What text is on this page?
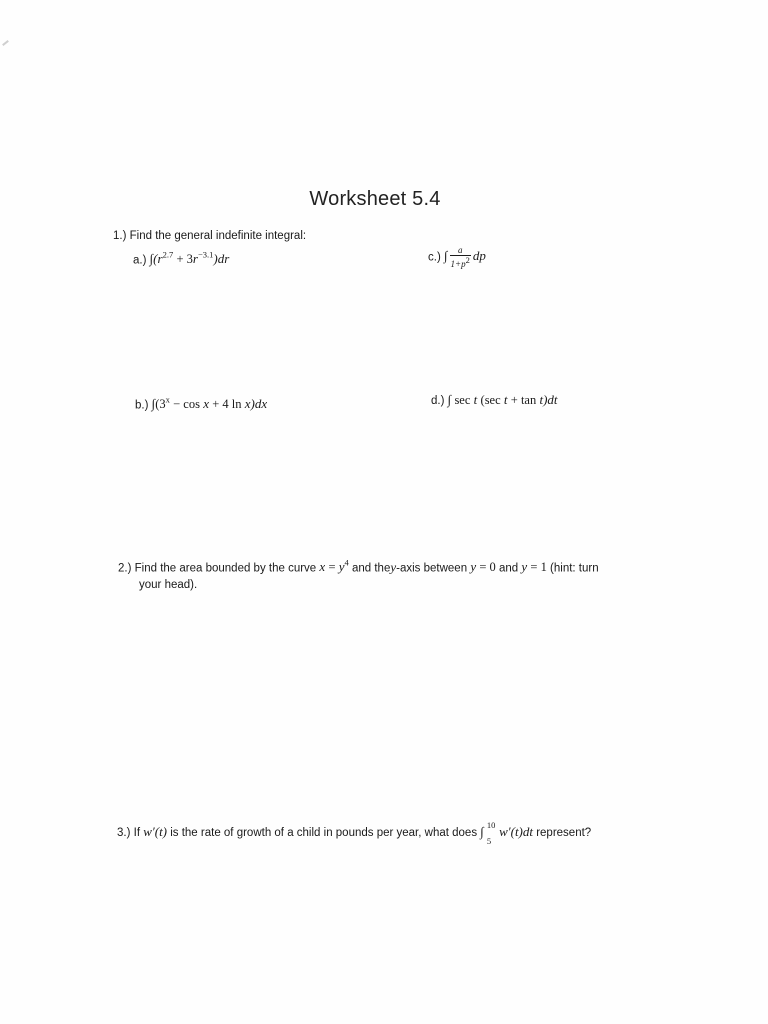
Worksheet 5.4
1.) Find the general indefinite integral:
a.) $\int(r^{2.7} + 3r^{-3.1})dr$	c.) ∫ $\frac{a}{1+p^2}$ dp
b.) $\int(3^x - \cos x + 4$ ln x)dx	d.) ∫ sec t (sec t + tan t)dt
2.) Find the area bounded by the curve $x = y^4$ and they-axis between y = 0 and y = 1 (hint: turn
your head).
3.) If w′(t) is the rate of growth of a child in pounds per year, what does ∫ 10
5
w′(t)dt represent?
